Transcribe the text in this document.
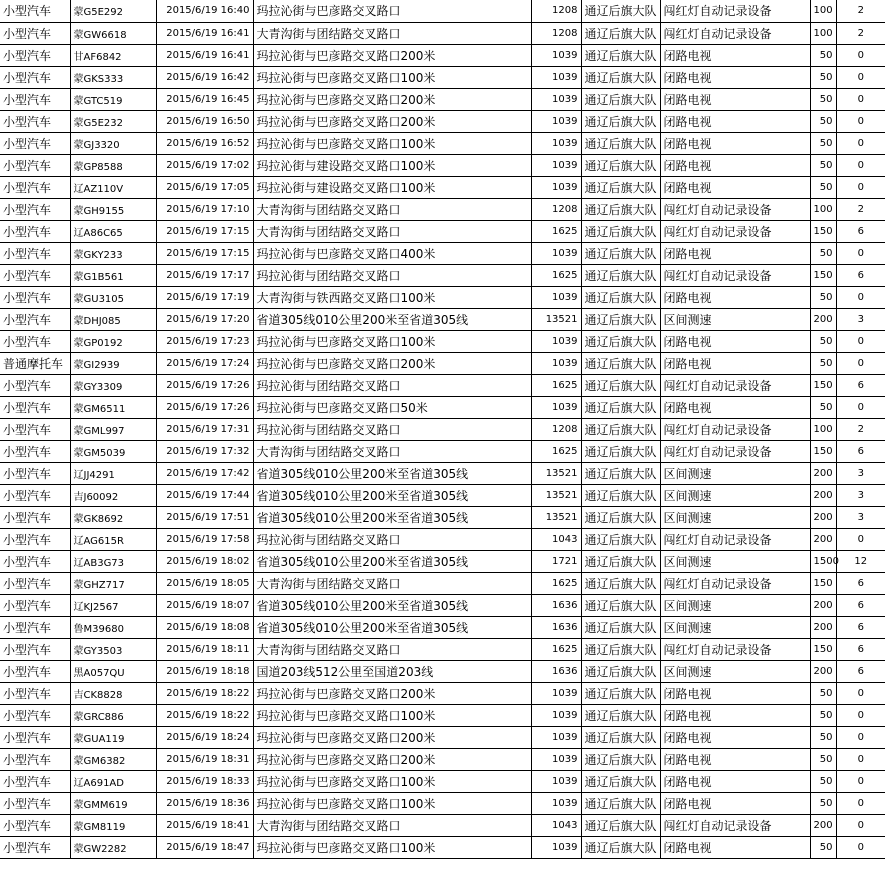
小型汽车	蒙G5E292	2015/6/19 16:40	玛拉沁街与巴彦路交叉路口	1208	通辽后旗大队	闯红灯自动记录设备	100	2
小型汽车	蒙GW6618	2015/6/19 16:41	大青沟街与团结路交叉路口	1208	通辽后旗大队	闯红灯自动记录设备	100	2
小型汽车	甘AF6842	2015/6/19 16:41	玛拉沁街与巴彦路交叉路口200米	1039	通辽后旗大队	闭路电视	50	0
小型汽车	蒙GKS333	2015/6/19 16:42	玛拉沁街与巴彦路交叉路口100米	1039	通辽后旗大队	闭路电视	50	0
小型汽车	蒙GTC519	2015/6/19 16:45	玛拉沁街与巴彦路交叉路口200米	1039	通辽后旗大队	闭路电视	50	0
小型汽车	蒙G5E232	2015/6/19 16:50	玛拉沁街与巴彦路交叉路口200米	1039	通辽后旗大队	闭路电视	50	0
小型汽车	蒙GJ3320	2015/6/19 16:52	玛拉沁街与巴彦路交叉路口100米	1039	通辽后旗大队	闭路电视	50	0
小型汽车	蒙GP8588	2015/6/19 17:02	玛拉沁街与建设路交叉路口100米	1039	通辽后旗大队	闭路电视	50	0
小型汽车	辽AZ110V	2015/6/19 17:05	玛拉沁街与建设路交叉路口100米	1039	通辽后旗大队	闭路电视	50	0
小型汽车	蒙GH9155	2015/6/19 17:10	大青沟街与团结路交叉路口	1208	通辽后旗大队	闯红灯自动记录设备	100	2
小型汽车	辽A86C65	2015/6/19 17:15	大青沟街与团结路交叉路口	1625	通辽后旗大队	闯红灯自动记录设备	150	6
小型汽车	蒙GKY233	2015/6/19 17:15	玛拉沁街与巴彦路交叉路口400米	1039	通辽后旗大队	闭路电视	50	0
小型汽车	蒙G1B561	2015/6/19 17:17	玛拉沁街与团结路交叉路口	1625	通辽后旗大队	闯红灯自动记录设备	150	6
小型汽车	蒙GU3105	2015/6/19 17:19	大青沟街与铁西路交叉路口100米	1039	通辽后旗大队	闭路电视	50	0
小型汽车	蒙DHJ085	2015/6/19 17:20	省道305线010公里200米至省道305线	13521	通辽后旗大队	区间测速	200	3
小型汽车	蒙GP0192	2015/6/19 17:23	玛拉沁街与巴彦路交叉路口100米	1039	通辽后旗大队	闭路电视	50	0
普通摩托车	蒙GI2939	2015/6/19 17:24	玛拉沁街与巴彦路交叉路口200米	1039	通辽后旗大队	闭路电视	50	0
小型汽车	蒙GY3309	2015/6/19 17:26	玛拉沁街与团结路交叉路口	1625	通辽后旗大队	闯红灯自动记录设备	150	6
小型汽车	蒙GM6511	2015/6/19 17:26	玛拉沁街与巴彦路交叉路口50米	1039	通辽后旗大队	闭路电视	50	0
小型汽车	蒙GML997	2015/6/19 17:31	玛拉沁街与团结路交叉路口	1208	通辽后旗大队	闯红灯自动记录设备	100	2
小型汽车	蒙GM5039	2015/6/19 17:32	大青沟街与团结路交叉路口	1625	通辽后旗大队	闯红灯自动记录设备	150	6
小型汽车	辽JJ4291	2015/6/19 17:42	省道305线010公里200米至省道305线	13521	通辽后旗大队	区间测速	200	3
小型汽车	吉J60092	2015/6/19 17:44	省道305线010公里200米至省道305线	13521	通辽后旗大队	区间测速	200	3
小型汽车	蒙GK8692	2015/6/19 17:51	省道305线010公里200米至省道305线	13521	通辽后旗大队	区间测速	200	3
小型汽车	辽AG615R	2015/6/19 17:58	玛拉沁街与团结路交叉路口	1043	通辽后旗大队	闯红灯自动记录设备	200	0
小型汽车	辽AB3G73	2015/6/19 18:02	省道305线010公里200米至省道305线	1721	通辽后旗大队	区间测速	1500	12
小型汽车	蒙GHZ717	2015/6/19 18:05	大青沟街与团结路交叉路口	1625	通辽后旗大队	闯红灯自动记录设备	150	6
小型汽车	辽KJ2567	2015/6/19 18:07	省道305线010公里200米至省道305线	1636	通辽后旗大队	区间测速	200	6
小型汽车	鲁M39680	2015/6/19 18:08	省道305线010公里200米至省道305线	1636	通辽后旗大队	区间测速	200	6
小型汽车	蒙GY3503	2015/6/19 18:11	大青沟街与团结路交叉路口	1625	通辽后旗大队	闯红灯自动记录设备	150	6
小型汽车	黑A057QU	2015/6/19 18:18	国道203线512公里至国道203线	1636	通辽后旗大队	区间测速	200	6
小型汽车	吉CK8828	2015/6/19 18:22	玛拉沁街与巴彦路交叉路口200米	1039	通辽后旗大队	闭路电视	50	0
小型汽车	蒙GRC886	2015/6/19 18:22	玛拉沁街与巴彦路交叉路口100米	1039	通辽后旗大队	闭路电视	50	0
小型汽车	蒙GUA119	2015/6/19 18:24	玛拉沁街与巴彦路交叉路口200米	1039	通辽后旗大队	闭路电视	50	0
小型汽车	蒙GM6382	2015/6/19 18:31	玛拉沁街与巴彦路交叉路口200米	1039	通辽后旗大队	闭路电视	50	0
小型汽车	辽A691AD	2015/6/19 18:33	玛拉沁街与巴彦路交叉路口100米	1039	通辽后旗大队	闭路电视	50	0
小型汽车	蒙GMM619	2015/6/19 18:36	玛拉沁街与巴彦路交叉路口100米	1039	通辽后旗大队	闭路电视	50	0
小型汽车	蒙GM8119	2015/6/19 18:41	大青沟街与团结路交叉路口	1043	通辽后旗大队	闯红灯自动记录设备	200	0
小型汽车	蒙GW2282	2015/6/19 18:47	玛拉沁街与巴彦路交叉路口100米	1039	通辽后旗大队	闭路电视	50	0
